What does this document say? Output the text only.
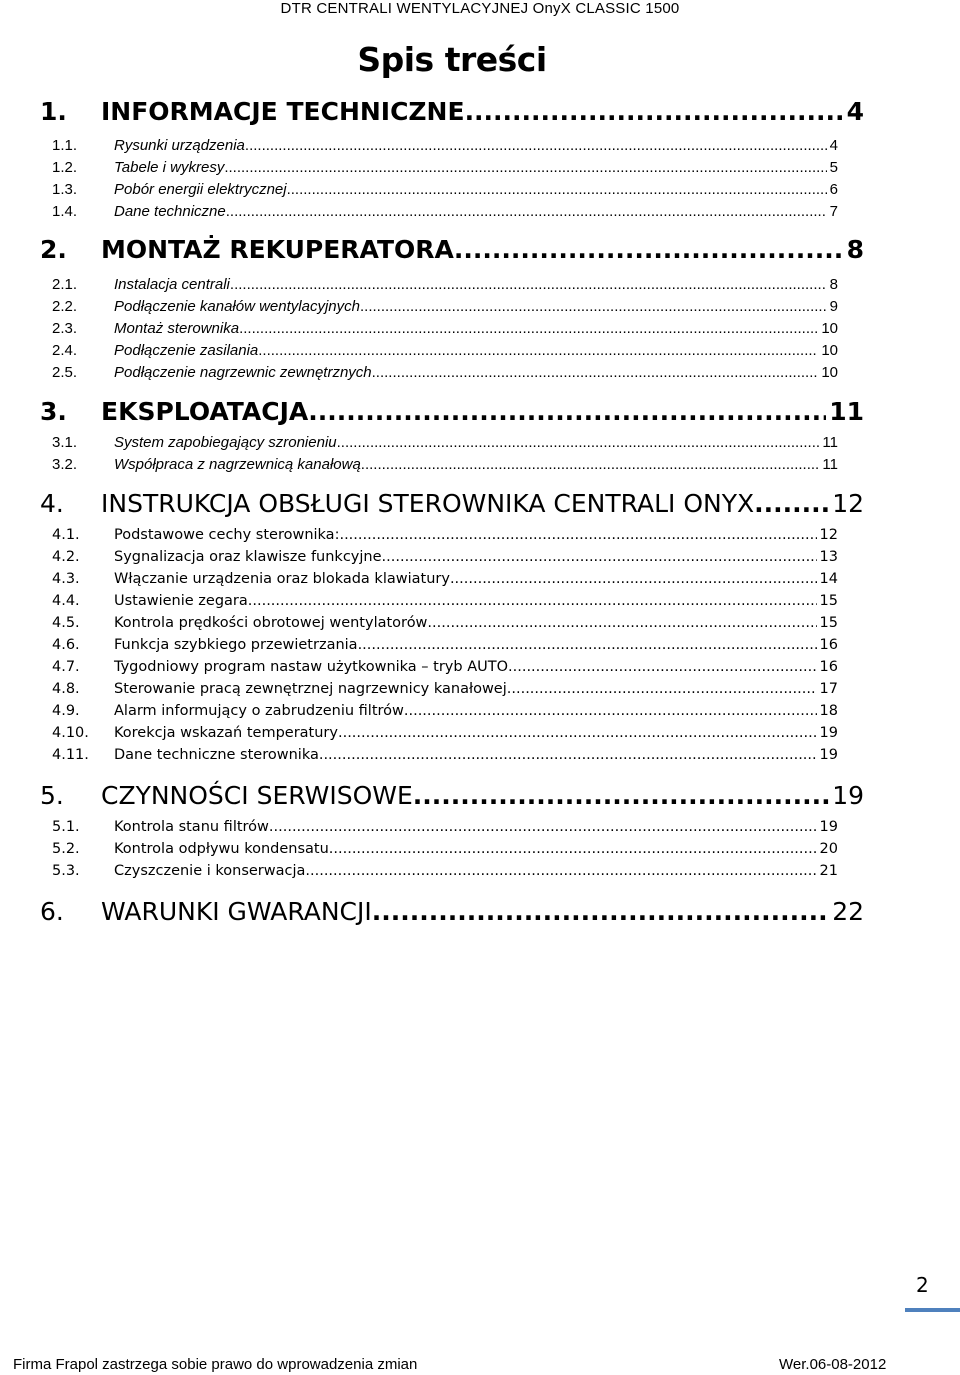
DTR CENTRALI WENTYLACYJNEJ OnyX CLASSIC 1500
Spis treści
1.	INFORMACJE TECHNICZNE .....	4
1.1.	Rysunki urządzenia .....	4
1.2.	Tabele i wykresy .....	5
1.3.	Pobór energii elektrycznej .....	6
1.4.	Dane techniczne .....	7
2.	MONTAŻ REKUPERATORA .....	8
2.1.	Instalacja centrali .....	8
2.2.	Podłączenie kanałów wentylacyjnych .....	9
2.3.	Montaż sterownika .....	10
2.4.	Podłączenie zasilania .....	10
2.5.	Podłączenie nagrzewnic zewnętrznych .....	10
3.	EKSPLOATACJA .....	11
3.1.	System zapobiegający szronieniu .....	11
3.2.	Współpraca z nagrzewnicą kanałową .....	11
4.	INSTRUKCJA OBSŁUGI STEROWNIKA CENTRALI ONYX .....	12
4.1.	Podstawowe cechy sterownika: .....	12
4.2.	Sygnalizacja oraz klawisze funkcyjne .....	13
4.3.	Włączanie urządzenia oraz blokada klawiatury .....	14
4.4.	Ustawienie zegara .....	15
4.5.	Kontrola prędkości obrotowej wentylatorów .....	15
4.6.	Funkcja szybkiego przewietrzania .....	16
4.7.	Tygodniowy program nastaw użytkownika – tryb AUTO .....	16
4.8.	Sterowanie pracą zewnętrznej nagrzewnicy kanałowej .....	17
4.9.	Alarm informujący o zabrudzeniu filtrów .....	18
4.10.	Korekcja wskazań temperatury .....	19
4.11.	Dane techniczne sterownika .....	19
5.	CZYNNOŚCI SERWISOWE .....	19
5.1.	Kontrola stanu filtrów .....	19
5.2.	Kontrola odpływu kondensatu .....	20
5.3.	Czyszczenie i konserwacja .....	21
6.	WARUNKI GWARANCJI .....	22
2
Firma Frapol zastrzega sobie prawo do wprowadzenia zmian	Wer.06-08-2012
